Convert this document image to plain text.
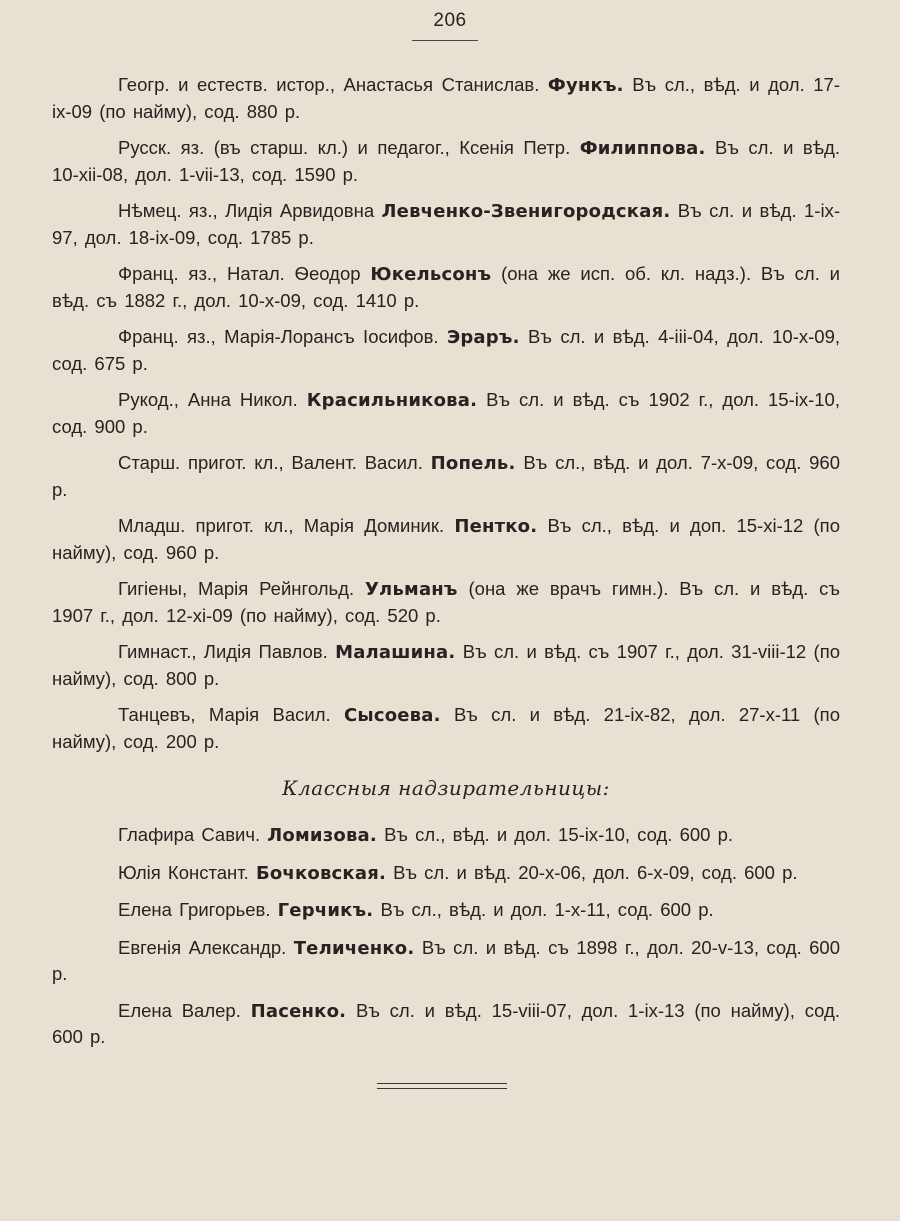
206

Геогр. и естеств. истор., Анастасья Станислав. Функъ. Въ сл., вѣд. и дол. 17-ix-09 (по найму), сод. 880 р.

Русск. яз. (въ старш. кл.) и педагог., Ксенія Петр. Филиппова. Въ сл. и вѣд. 10-xii-08, дол. 1-vii-13, сод. 1590 р.

Нѣмец. яз., Лидія Арвидовна Левченко-Звенигородская. Въ сл. и вѣд. 1-ix-97, дол. 18-ix-09, сод. 1785 р.

Франц. яз., Натал. Ѳеодор Юкельсонъ (она же исп. об. кл. надз.). Въ сл. и вѣд. съ 1882 г., дол. 10-x-09, сод. 1410 р.

Франц. яз., Марія-Лорансъ Іосифов. Эраръ. Въ сл. и вѣд. 4-iii-04, дол. 10-x-09, сод. 675 р.

Рукод., Анна Никол. Красильникова. Въ сл. и вѣд. съ 1902 г., дол. 15-ix-10, сод. 900 р.

Старш. пригот. кл., Валент. Васил. Попель. Въ сл., вѣд. и дол. 7-x-09, сод. 960 р.

Младш. пригот. кл., Марія Доминик. Пентко. Въ сл., вѣд. и доп. 15-xi-12 (по найму), сод. 960 р.

Гигіены, Марія Рейнгольд. Ульманъ (она же врачъ гимн.). Въ сл. и вѣд. съ 1907 г., дол. 12-xi-09 (по найму), сод. 520 р.

Гимнаст., Лидія Павлов. Малашина. Въ сл. и вѣд. съ 1907 г., дол. 31-viii-12 (по найму), сод. 800 р.

Танцевъ, Марія Васил. Сысоева. Въ сл. и вѣд. 21-ix-82, дол. 27-x-11 (по найму), сод. 200 р.

Классныя надзирательницы:

Глафира Савич. Ломизова. Въ сл., вѣд. и дол. 15-ix-10, сод. 600 р.

Юлія Констант. Бочковская. Въ сл. и вѣд. 20-x-06, дол. 6-x-09, сод. 600 р.

Елена Григорьев. Герчикъ. Въ сл., вѣд. и дол. 1-x-11, сод. 600 р.

Евгенія Александр. Теличенко. Въ сл. и вѣд. съ 1898 г., дол. 20-v-13, сод. 600 р.

Елена Валер. Пасенко. Въ сл. и вѣд. 15-viii-07, дол. 1-ix-13 (по найму), сод. 600 р.
